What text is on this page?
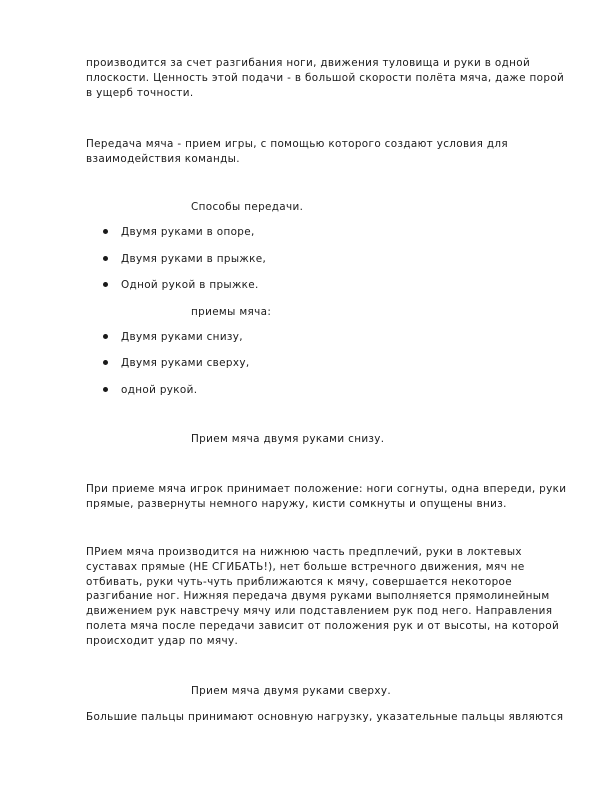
производится за счет разгибания ноги, движения туловища и руки в одной
плоскости. Ценность этой подачи - в большой скорости полёта мяча, даже порой
в ущерб точности.

Передача мяча - прием игры, с помощью которого создают условия для
взаимодействия команды.

Способы передачи.

Двумя руками в опоре,

Двумя руками в прыжке,

Одной рукой в прыжке.

приемы мяча:

Двумя руками снизу,

Двумя руками сверху,

одной рукой.

Прием мяча двумя руками снизу.

При приеме мяча игрок принимает положение: ноги согнуты, одна впереди, руки
прямые, развернуты немного наружу, кисти сомкнуты и опущены вниз.

ПРием мяча производится на нижнюю часть предплечий, руки в локтевых
суставах прямые (НЕ СГИБАТЬ!), нет больше встречного движения, мяч не
отбивать, руки чуть-чуть приближаются к мячу, совершается некоторое
разгибание ног. Нижняя передача двумя руками выполняется прямолинейным
движением рук навстречу мячу или подставлением рук под него. Направления
полета мяча после передачи зависит от положения рук и от высоты, на которой
происходит удар по мячу.

Прием мяча двумя руками сверху.

Большие пальцы принимают основную нагрузку, указательные пальцы являются
